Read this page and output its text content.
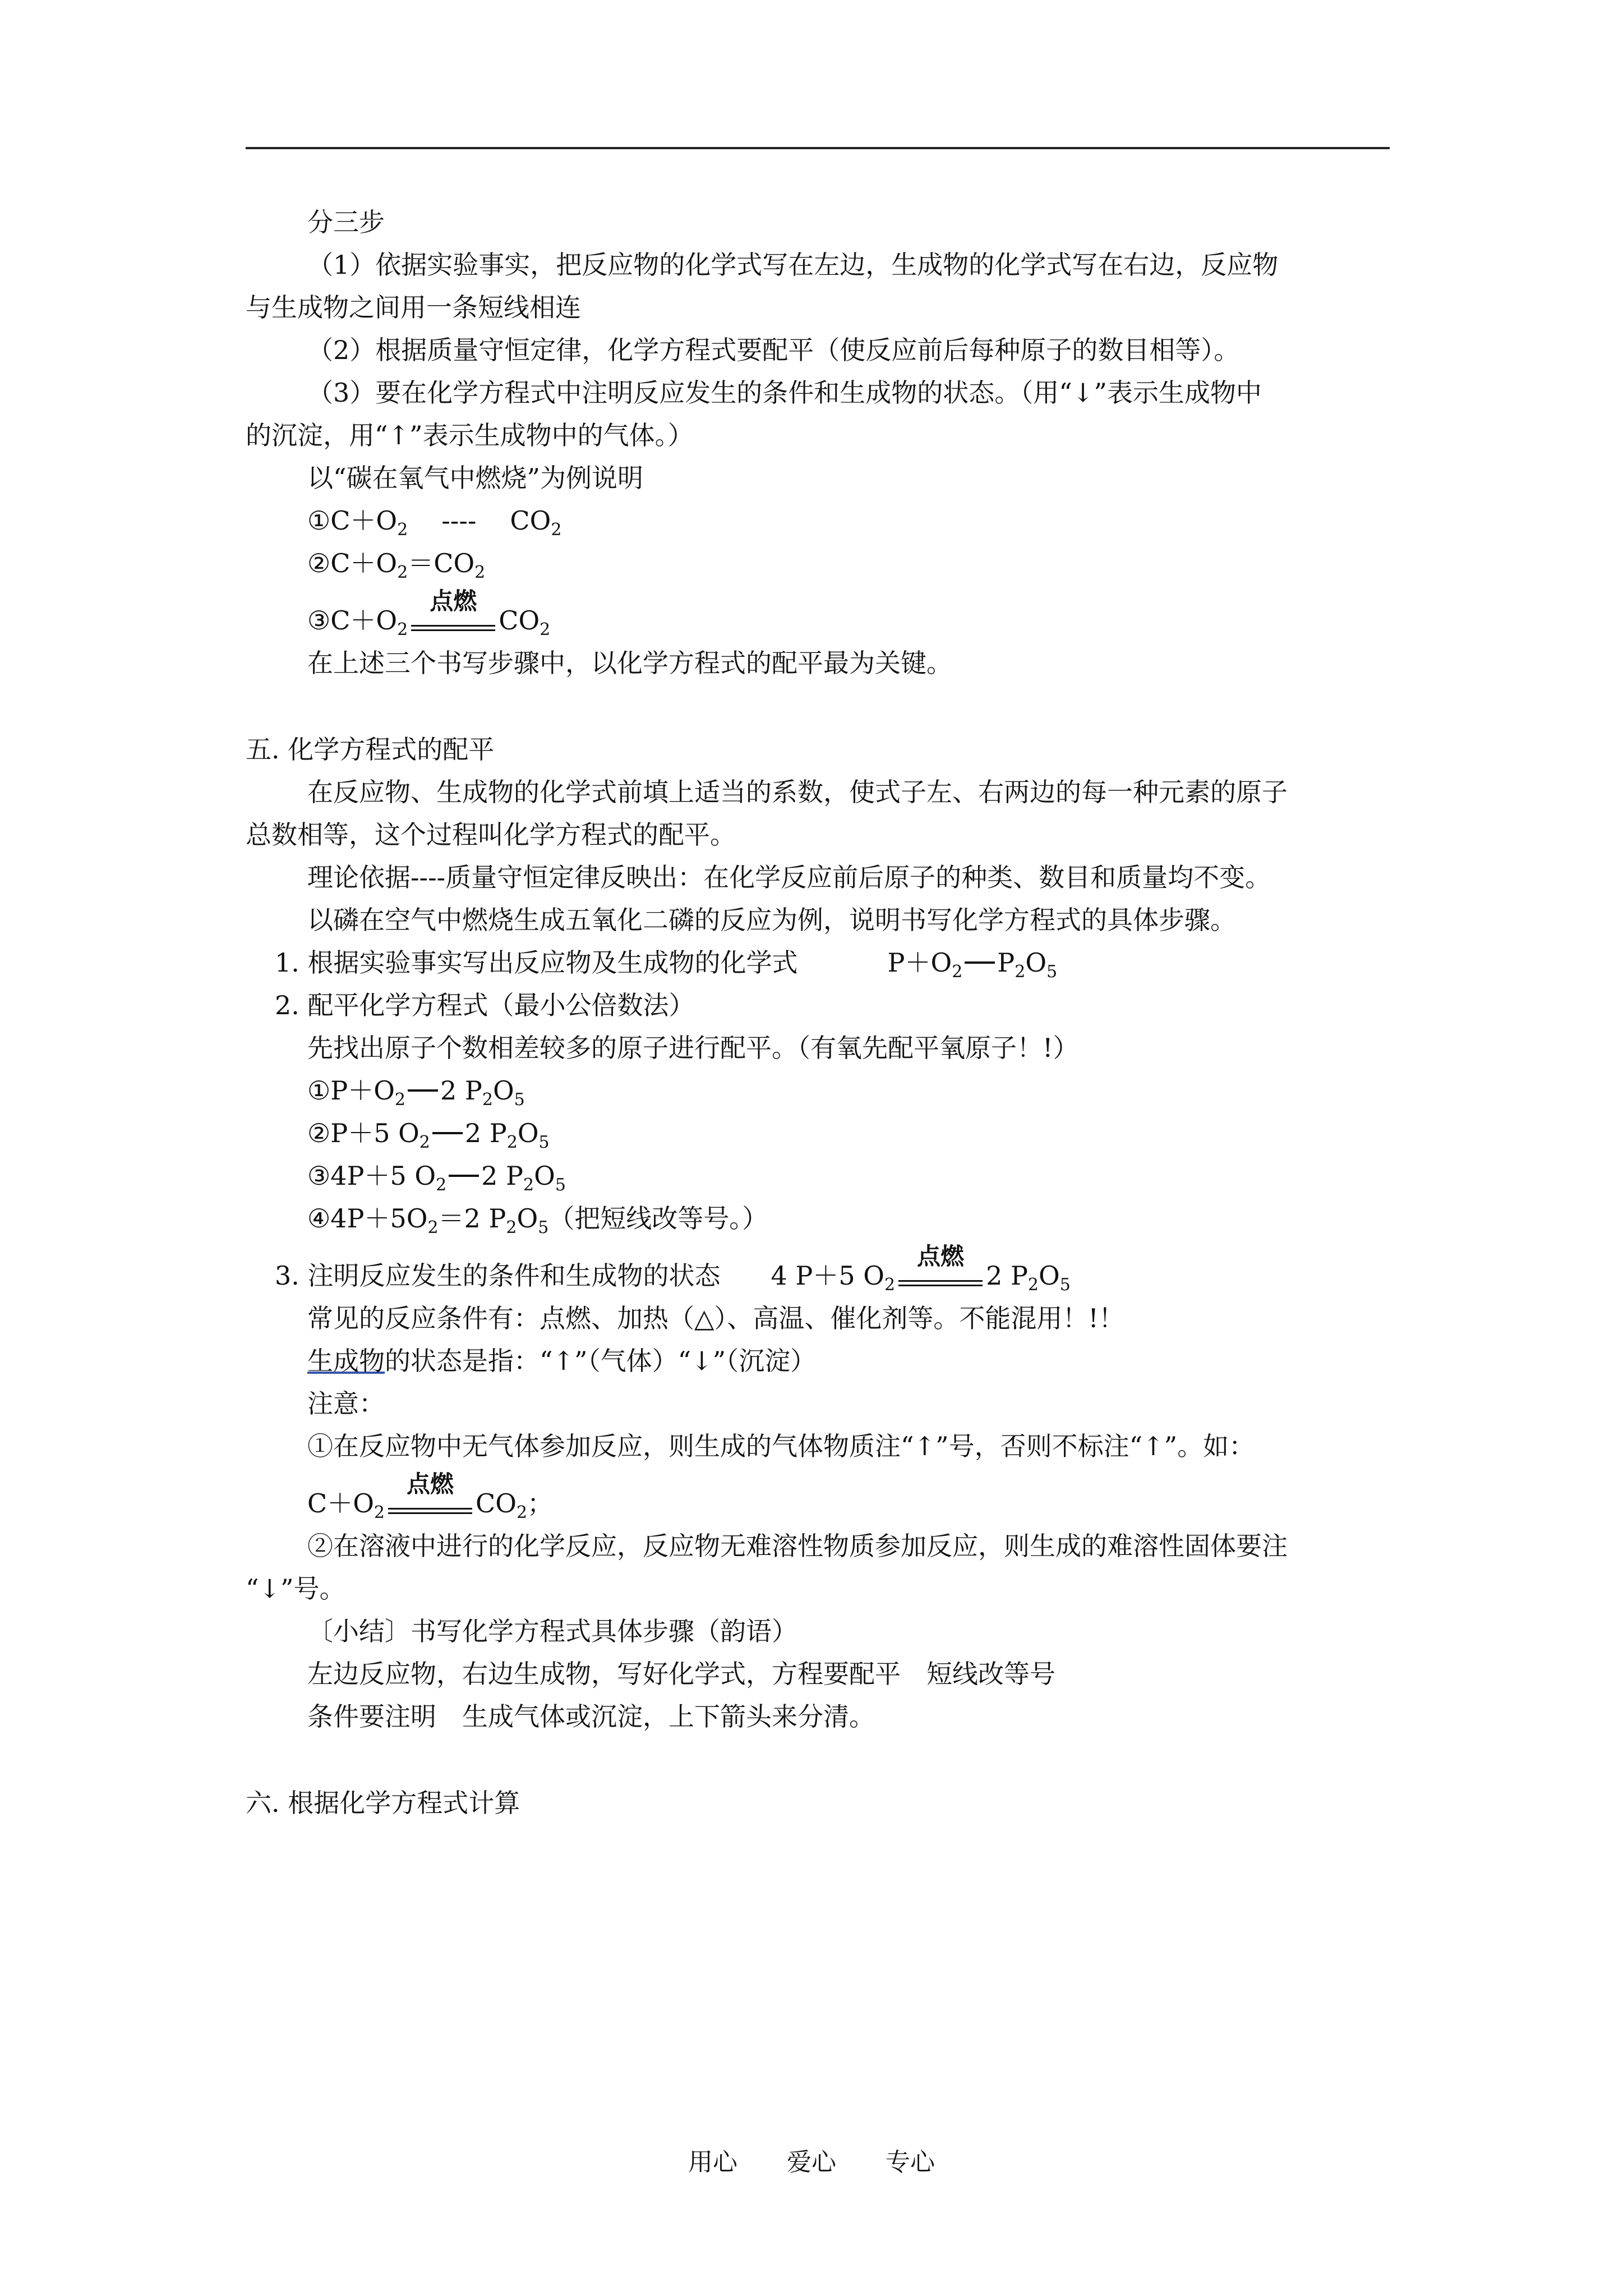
分三步
（1）依据实验事实，把反应物的化学式写在左边，生成物的化学式写在右边，反应物
与生成物之间用一条短线相连
（2）根据质量守恒定律，化学方程式要配平（使反应前后每种原子的数目相等）。
（3）要在化学方程式中注明反应发生的条件和生成物的状态。（用“↓”表示生成物中
的沉淀，用“↑”表示生成物中的气体。）
以“碳在氧气中燃烧”为例说明
$①C+O_2$ ---- $CO_2$
$②C+O_2=CO_2$
$③C+O_2$
点燃
$CO_2$
在上述三个书写步骤中，以化学方程式的配平最为关键。
五. 化学方程式的配平
在反应物、生成物的化学式前填上适当的系数，使式子左、右两边的每一种元素的原子
总数相等，这个过程叫化学方程式的配平。
理论依据----质量守恒定律反映出：在化学反应前后原子的种类、数目和质量均不变。
以磷在空气中燃烧生成五氧化二磷的反应为例，说明书写化学方程式的具体步骤。
1. 根据实验事实写出反应物及生成物的化学式	$P+O_2$ $P_2O_5$
2. 配平化学方程式（最小公倍数法）
先找出原子个数相差较多的原子进行配平。（有氧先配平氧原子！!）
$①P+O_2$ 2 $P_2O_5$
②P＋5 $O_2$ 2 $P_2O_5$
③4P＋5 $O_2$ 2 $P_2O_5$
$④4P+5O_2=2$ $P_2O_5$（把短线改等号。）
3. 注明反应发生的条件和生成物的状态 4 P＋5 $O_2$
点燃
2 $P_2O_5$
常见的反应条件有：点燃、加热（△）、高温、催化剂等。不能混用！!！
生成物的状态是指：“↑”（气体）“↓”（沉淀）
注意：
①在反应物中无气体参加反应，则生成的气体物质注“↑”号，否则不标注“↑”。如：
$C+O_2$
点燃
$CO_2$；
②在溶液中进行的化学反应，反应物无难溶性物质参加反应，则生成的难溶性固体要注
“↓”号。
〔小结〕书写化学方程式具体步骤（韵语）
左边反应物，右边生成物，写好化学式，方程要配平　短线改等号
条件要注明　生成气体或沉淀，上下箭头来分清。
六. 根据化学方程式计算
用心　　爱心　　专心
